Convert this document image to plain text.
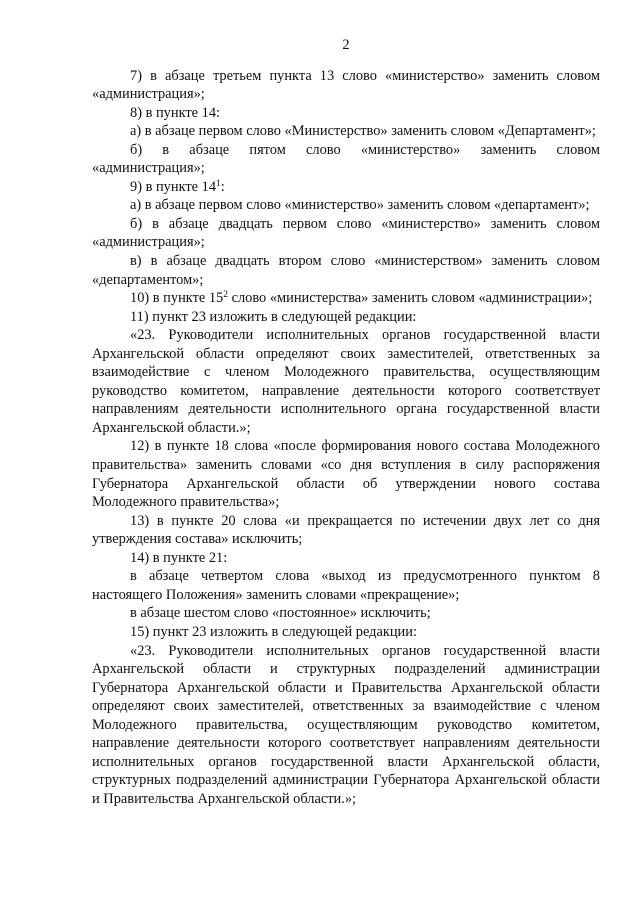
2

7) в абзаце третьем пункта 13 слово «министерство» заменить словом «администрация»;

8) в пункте 14:

а) в абзаце первом слово «Министерство» заменить словом «Департамент»;

б) в абзаце пятом слово «министерство» заменить словом «администрация»;

9) в пункте $14^1$:

а) в абзаце первом слово «министерство» заменить словом «департамент»;

б) в абзаце двадцать первом слово «министерство» заменить словом «администрация»;

в) в абзаце двадцать втором слово «министерством» заменить словом «департаментом»;

10) в пункте $15^2$ слово «министерства» заменить словом «администрации»;

11) пункт 23 изложить в следующей редакции:

«23. Руководители исполнительных органов государственной власти Архангельской области определяют своих заместителей, ответственных за взаимодействие с членом Молодежного правительства, осуществляющим руководство комитетом, направление деятельности которого соответствует направлениям деятельности исполнительного органа государственной власти Архангельской области.»;

12) в пункте 18 слова «после формирования нового состава Молодежного правительства» заменить словами «со дня вступления в силу распоряжения Губернатора Архангельской области об утверждении нового состава Молодежного правительства»;

13) в пункте 20 слова «и прекращается по истечении двух лет со дня утверждения состава» исключить;

14) в пункте 21:

в абзаце четвертом слова «выход из предусмотренного пунктом 8 настоящего Положения» заменить словами «прекращение»;

в абзаце шестом слово «постоянное» исключить;

15) пункт 23 изложить в следующей редакции:

«23. Руководители исполнительных органов государственной власти Архангельской области и структурных подразделений администрации Губернатора Архангельской области и Правительства Архангельской области определяют своих заместителей, ответственных за взаимодействие с членом Молодежного правительства, осуществляющим руководство комитетом, направление деятельности которого соответствует направлениям деятельности исполнительных органов государственной власти Архангельской области, структурных подразделений администрации Губернатора Архангельской области и Правительства Архангельской области.»;
